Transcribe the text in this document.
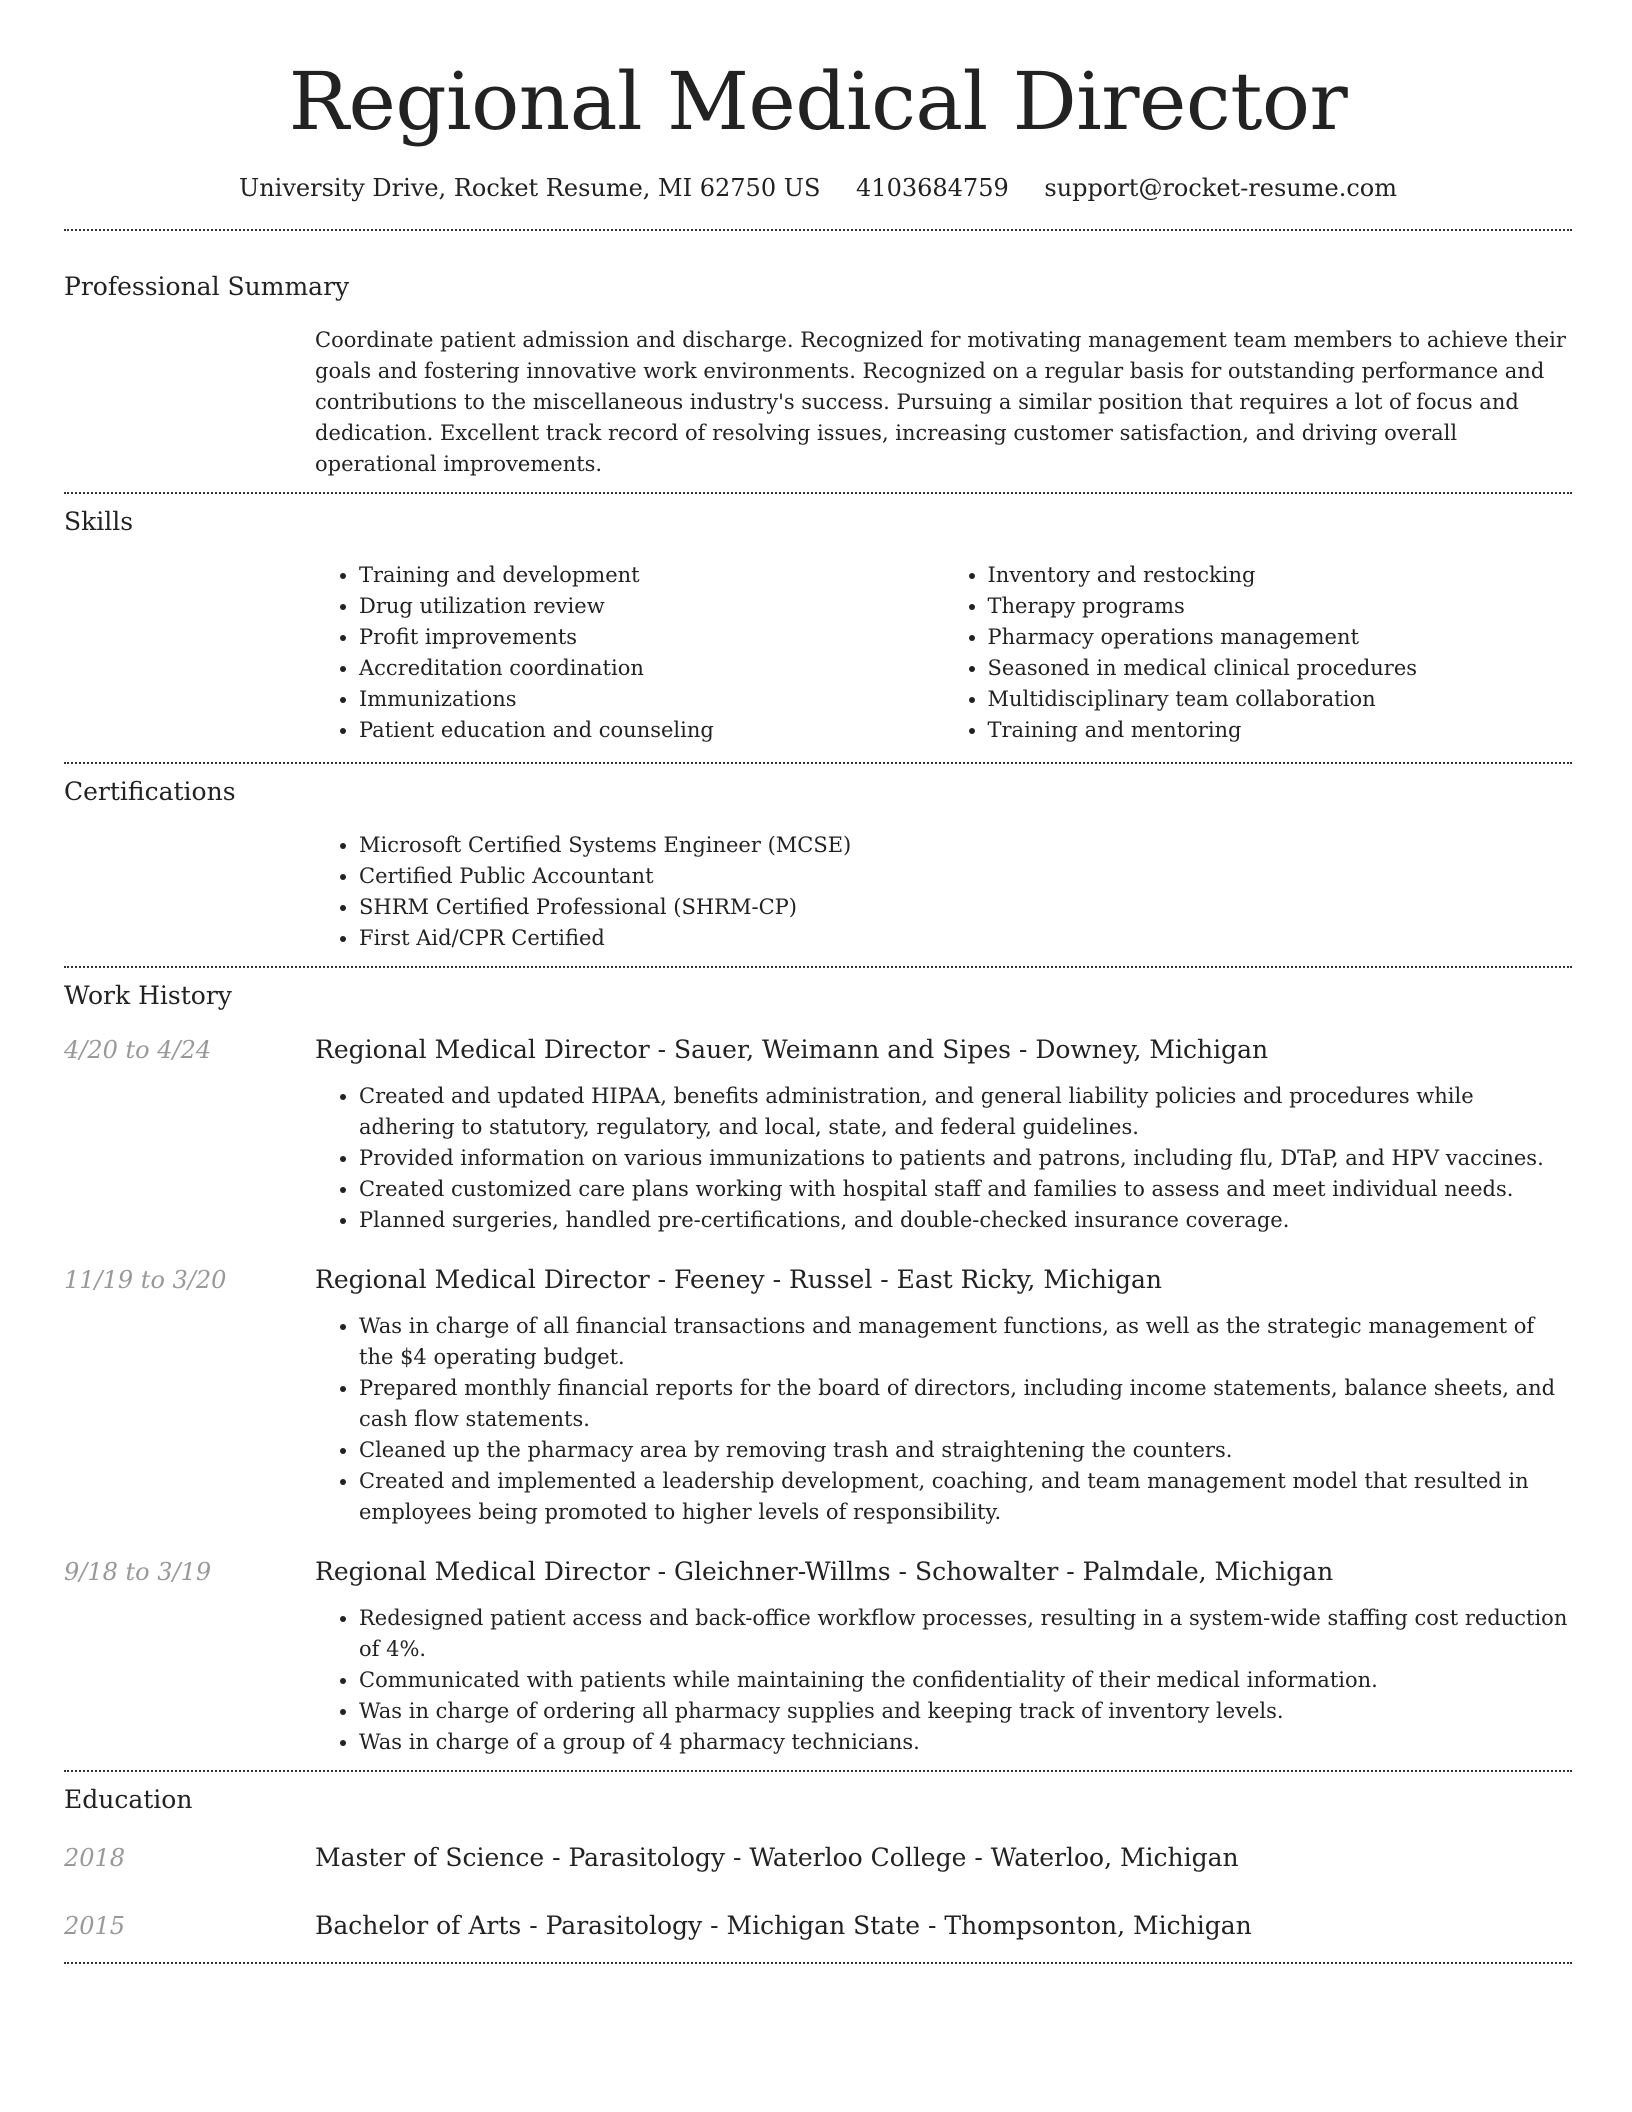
Regional Medical Director
University Drive, Rocket Resume, MI 62750 US 4103684759 support@rocket-resume.com
Professional Summary
Coordinate patient admission and discharge. Recognized for motivating management team members to achieve their goals and fostering innovative work environments. Recognized on a regular basis for outstanding performance and contributions to the miscellaneous industry's success. Pursuing a similar position that requires a lot of focus and dedication. Excellent track record of resolving issues, increasing customer satisfaction, and driving overall operational improvements.
Skills
• Training and development
• Drug utilization review
• Profit improvements
• Accreditation coordination
• Immunizations
• Patient education and counseling
• Inventory and restocking
• Therapy programs
• Pharmacy operations management
• Seasoned in medical clinical procedures
• Multidisciplinary team collaboration
• Training and mentoring
Certifications
• Microsoft Certified Systems Engineer (MCSE)
• Certified Public Accountant
• SHRM Certified Professional (SHRM-CP)
• First Aid/CPR Certified
Work History
4/20 to 4/24	Regional Medical Director - Sauer, Weimann and Sipes - Downey, Michigan
• Created and updated HIPAA, benefits administration, and general liability policies and procedures while adhering to statutory, regulatory, and local, state, and federal guidelines.
• Provided information on various immunizations to patients and patrons, including flu, DTaP, and HPV vaccines.
• Created customized care plans working with hospital staff and families to assess and meet individual needs.
• Planned surgeries, handled pre-certifications, and double-checked insurance coverage.
11/19 to 3/20	Regional Medical Director - Feeney - Russel - East Ricky, Michigan
• Was in charge of all financial transactions and management functions, as well as the strategic management of the $4 operating budget.
• Prepared monthly financial reports for the board of directors, including income statements, balance sheets, and cash flow statements.
• Cleaned up the pharmacy area by removing trash and straightening the counters.
• Created and implemented a leadership development, coaching, and team management model that resulted in employees being promoted to higher levels of responsibility.
9/18 to 3/19	Regional Medical Director - Gleichner-Willms - Schowalter - Palmdale, Michigan
• Redesigned patient access and back-office workflow processes, resulting in a system-wide staffing cost reduction of 4%.
• Communicated with patients while maintaining the confidentiality of their medical information.
• Was in charge of ordering all pharmacy supplies and keeping track of inventory levels.
• Was in charge of a group of 4 pharmacy technicians.
Education
2018	Master of Science - Parasitology - Waterloo College - Waterloo, Michigan
2015	Bachelor of Arts - Parasitology - Michigan State - Thompsonton, Michigan
